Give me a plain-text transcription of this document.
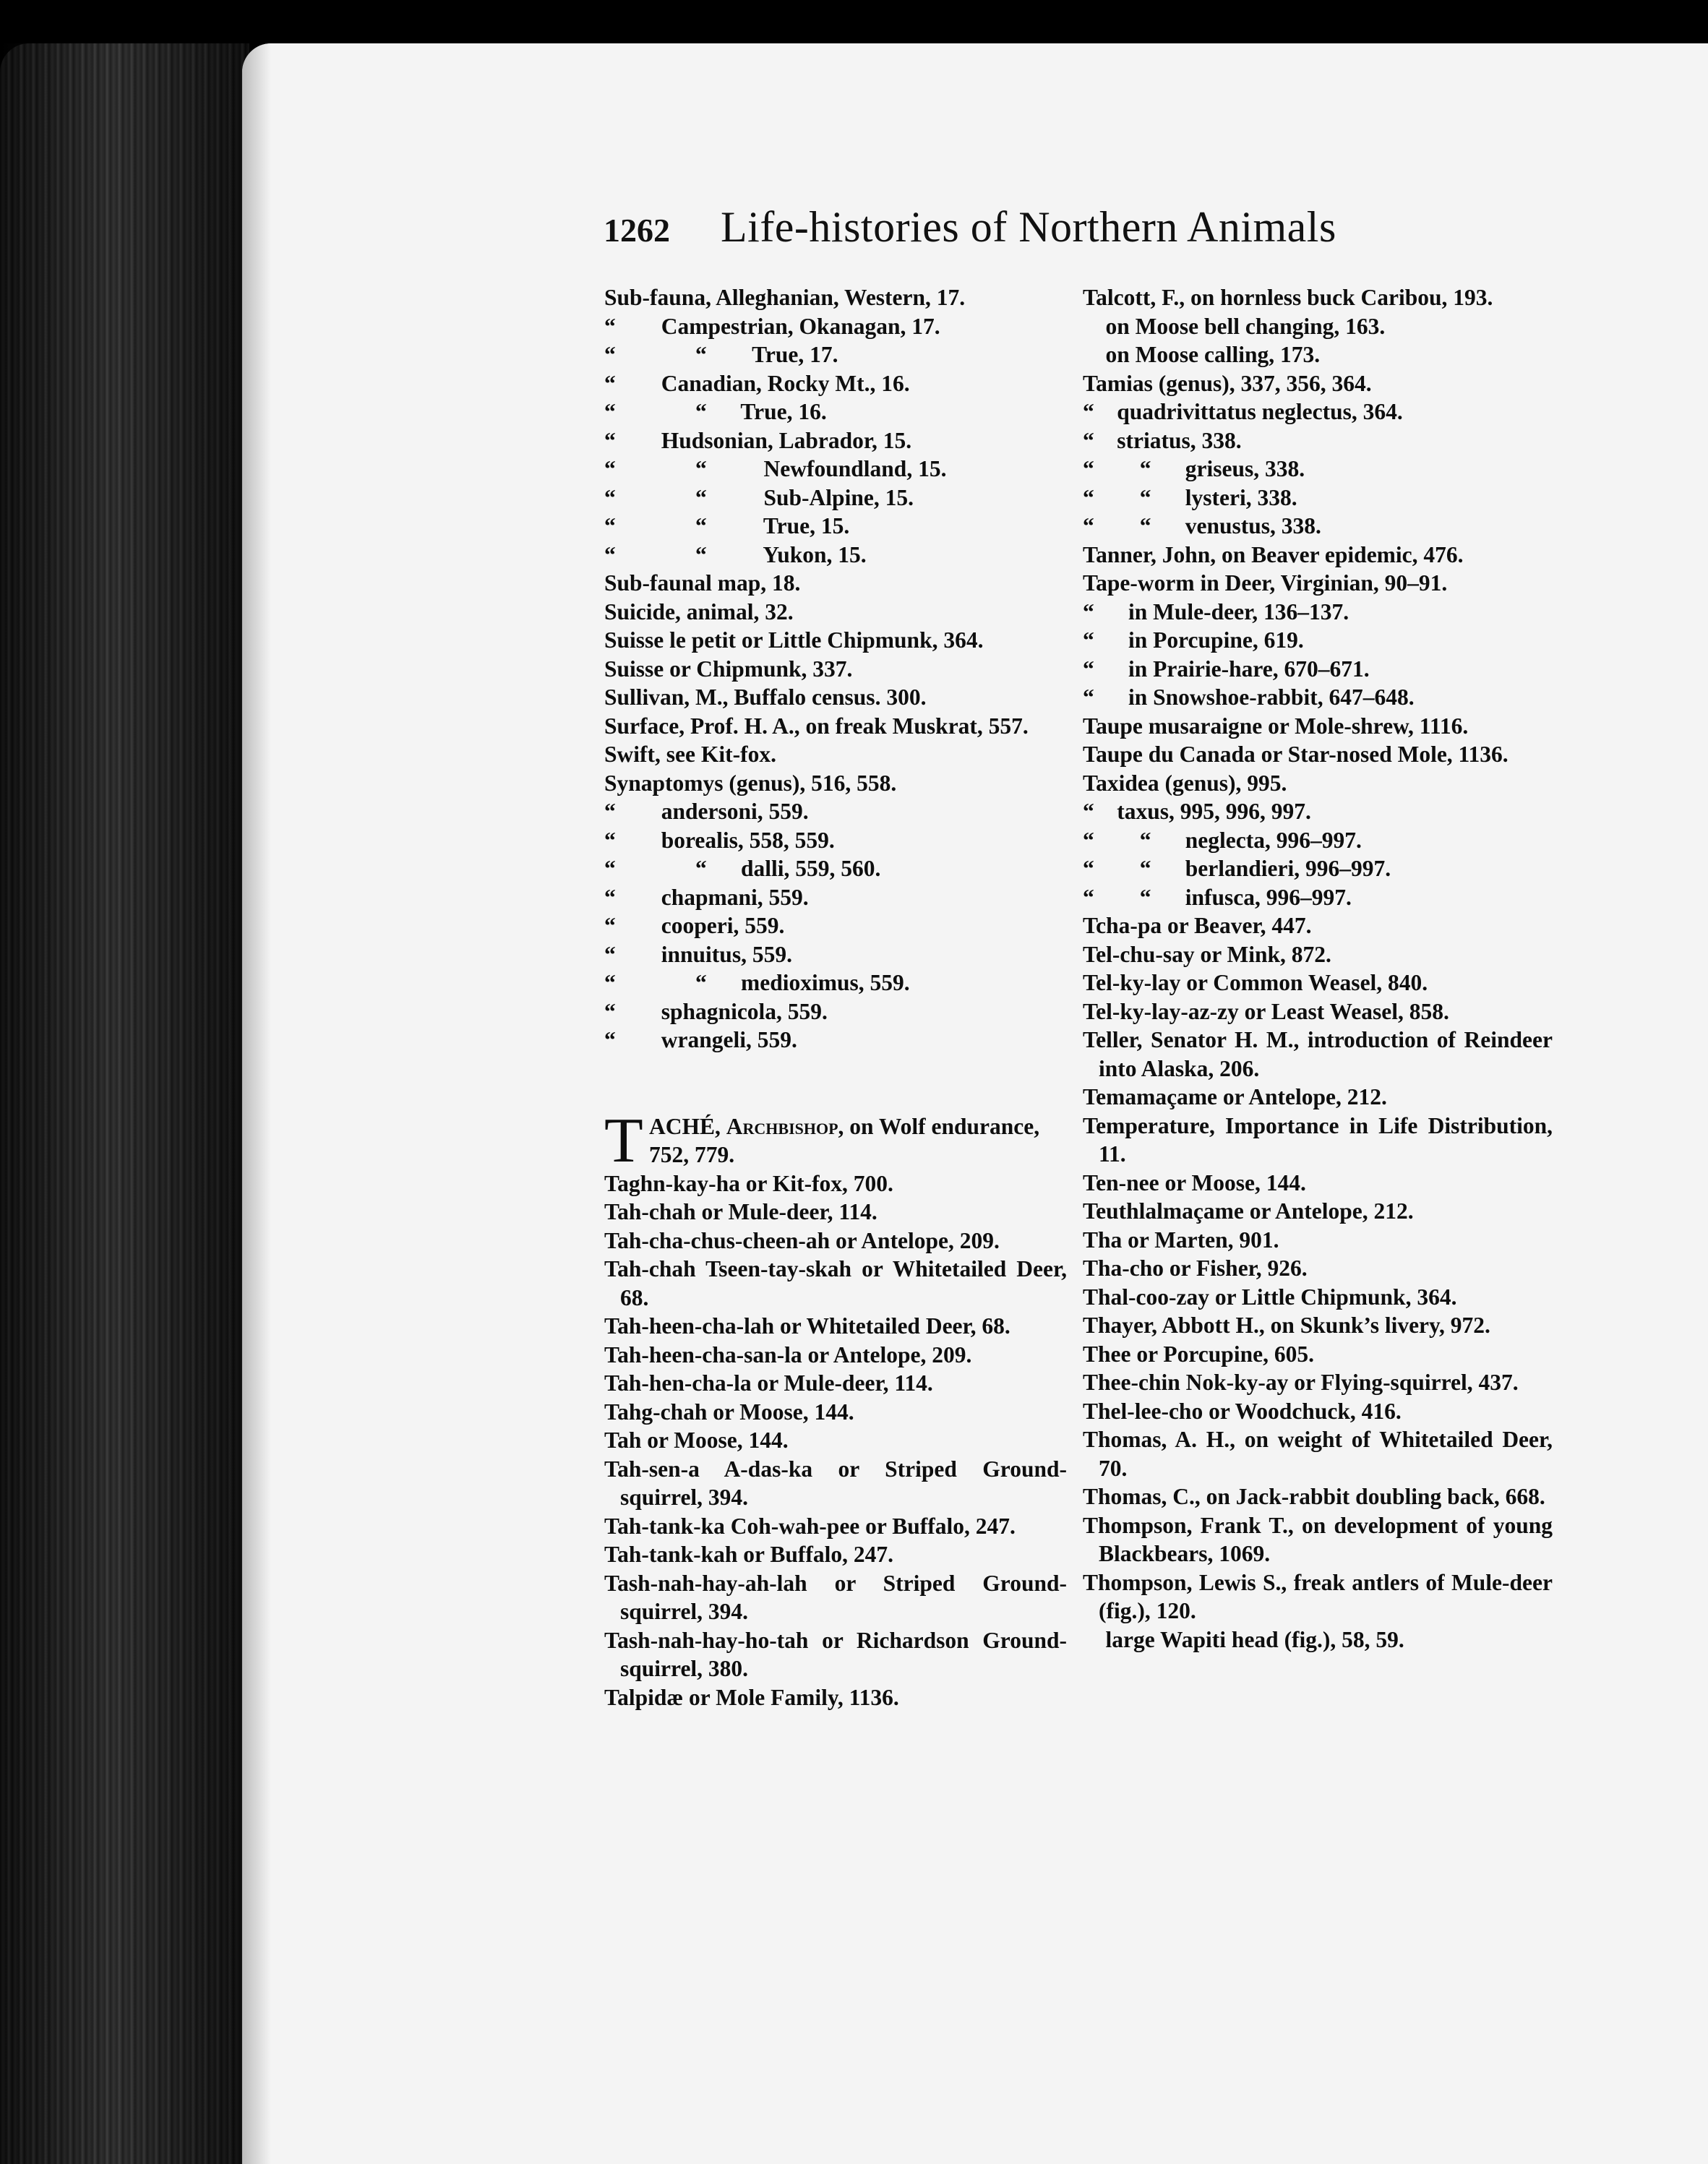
1262 Life-histories of Northern Animals
Sub-fauna, Alleghanian, Western, 17.
“        Campestrian, Okanagan, 17.
“              “        True, 17.
“        Canadian, Rocky Mt., 16.
“              “      True, 16.
“        Hudsonian, Labrador, 15.
“              “          Newfoundland, 15.
“              “          Sub-Alpine, 15.
“              “          True, 15.
“              “          Yukon, 15.
Sub-faunal map, 18.
Suicide, animal, 32.
Suisse le petit or Little Chipmunk, 364.
Suisse or Chipmunk, 337.
Sullivan, M., Buffalo census. 300.
Surface, Prof. H. A., on freak Muskrat, 557.
Swift, see Kit-fox.
Synaptomys (genus), 516, 558.
“        andersoni, 559.
“        borealis, 558, 559.
“              “      dalli, 559, 560.
“        chapmani, 559.
“        cooperi, 559.
“        innuitus, 559.
“              “      medioximus, 559.
“        sphagnicola, 559.
“        wrangeli, 559.
T ACHÉ, Archbishop, on Wolf endurance, 752, 779.
Taghn-kay-ha or Kit-fox, 700.
Tah-chah or Mule-deer, 114.
Tah-cha-chus-cheen-ah or Antelope, 209.
Tah-chah Tseen-tay-skah or Whitetailed Deer, 68.
Tah-heen-cha-lah or Whitetailed Deer, 68.
Tah-heen-cha-san-la or Antelope, 209.
Tah-hen-cha-la or Mule-deer, 114.
Tahg-chah or Moose, 144.
Tah or Moose, 144.
Tah-sen-a A-das-ka or Striped Ground-squirrel, 394.
Tah-tank-ka Coh-wah-pee or Buffalo, 247.
Tah-tank-kah or Buffalo, 247.
Tash-nah-hay-ah-lah or Striped Ground-squirrel, 394.
Tash-nah-hay-ho-tah or Richardson Ground-squirrel, 380.
Talpidæ or Mole Family, 1136.
Talcott, F., on hornless buck Caribou, 193.
on Moose bell changing, 163.
on Moose calling, 173.
Tamias (genus), 337, 356, 364.
“    quadrivittatus neglectus, 364.
“    striatus, 338.
“        “      griseus, 338.
“        “      lysteri, 338.
“        “      venustus, 338.
Tanner, John, on Beaver epidemic, 476.
Tape-worm in Deer, Virginian, 90–91.
“      in Mule-deer, 136–137.
“      in Porcupine, 619.
“      in Prairie-hare, 670–671.
“      in Snowshoe-rabbit, 647–648.
Taupe musaraigne or Mole-shrew, 1116.
Taupe du Canada or Star-nosed Mole, 1136.
Taxidea (genus), 995.
“    taxus, 995, 996, 997.
“        “      neglecta, 996–997.
“        “      berlandieri, 996–997.
“        “      infusca, 996–997.
Tcha-pa or Beaver, 447.
Tel-chu-say or Mink, 872.
Tel-ky-lay or Common Weasel, 840.
Tel-ky-lay-az-zy or Least Weasel, 858.
Teller, Senator H. M., introduction of Reindeer into Alaska, 206.
Temamaçame or Antelope, 212.
Temperature, Importance in Life Distribution, 11.
Ten-nee or Moose, 144.
Teuthlalmaçame or Antelope, 212.
Tha or Marten, 901.
Tha-cho or Fisher, 926.
Thal-coo-zay or Little Chipmunk, 364.
Thayer, Abbott H., on Skunk’s livery, 972.
Thee or Porcupine, 605.
Thee-chin Nok-ky-ay or Flying-squirrel, 437.
Thel-lee-cho or Woodchuck, 416.
Thomas, A. H., on weight of Whitetailed Deer, 70.
Thomas, C., on Jack-rabbit doubling back, 668.
Thompson, Frank T., on development of young Blackbears, 1069.
Thompson, Lewis S., freak antlers of Mule-deer (fig.), 120.
large Wapiti head (fig.), 58, 59.
